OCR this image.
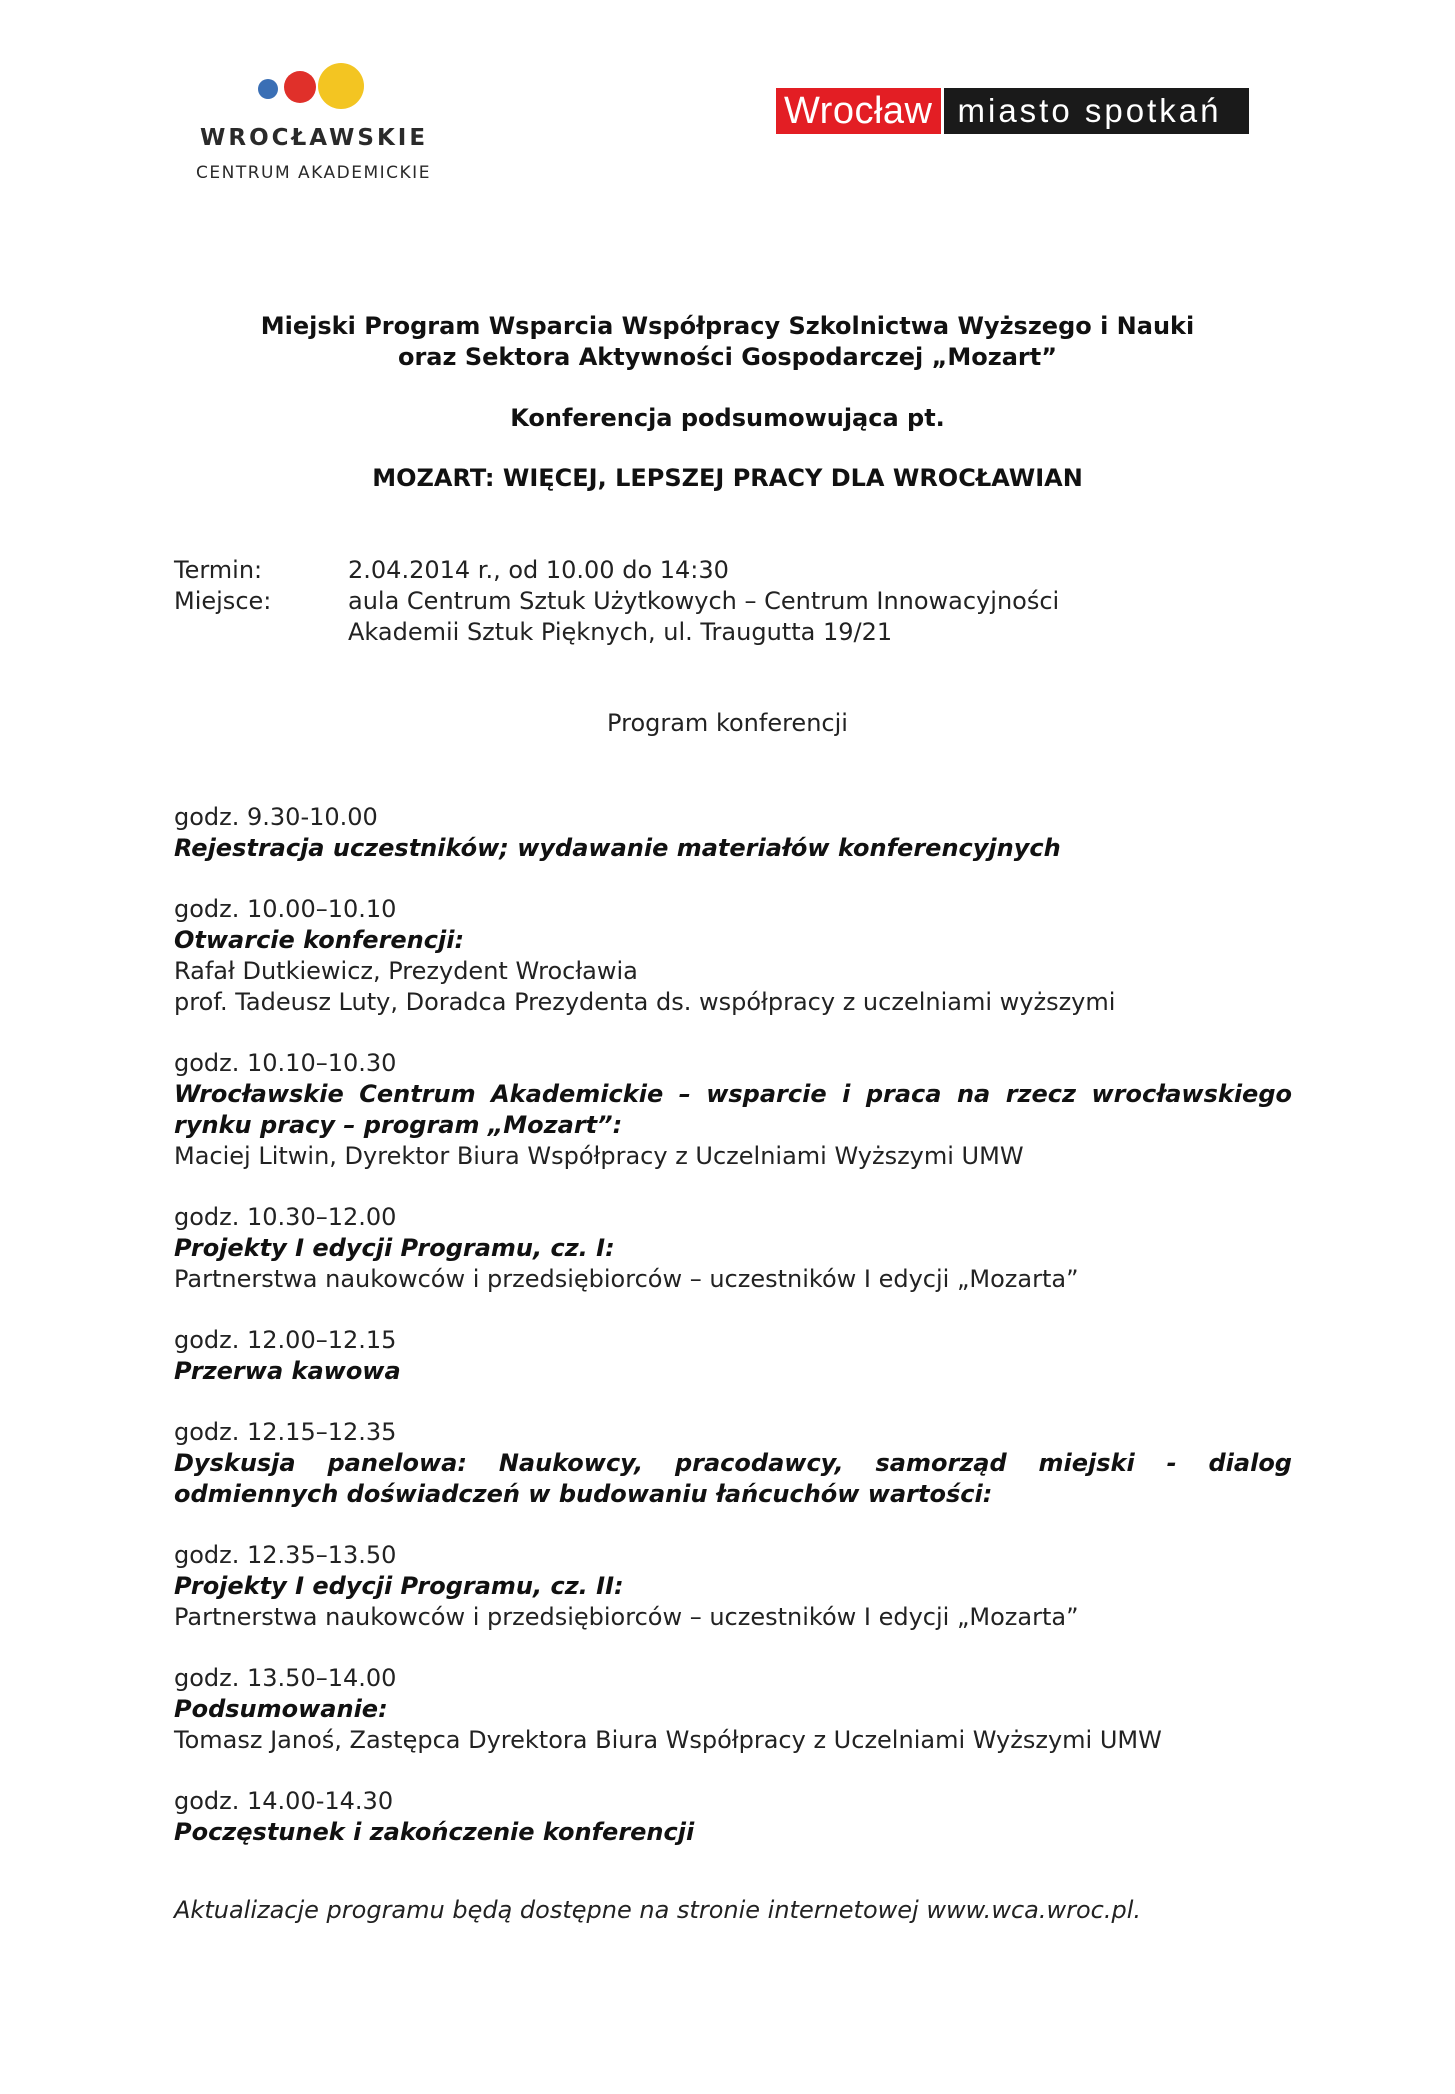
WROCŁAWSKIE
CENTRUM AKADEMICKIE
Wrocław miasto spotkań
Miejski Program Wsparcia Współpracy Szkolnictwa Wyższego i Nauki
oraz Sektora Aktywności Gospodarczej „Mozart”
Konferencja podsumowująca pt.
MOZART: WIĘCEJ, LEPSZEJ PRACY DLA WROCŁAWIAN
Termin:	2.04.2014 r., od 10.00 do 14:30
Miejsce:	aula Centrum Sztuk Użytkowych – Centrum Innowacyjności
Akademii Sztuk Pięknych, ul. Traugutta 19/21
Program konferencji
godz. 9.30-10.00
Rejestracja uczestników; wydawanie materiałów konferencyjnych
godz. 10.00–10.10
Otwarcie konferencji:
Rafał Dutkiewicz, Prezydent Wrocławia
prof. Tadeusz Luty, Doradca Prezydenta ds. współpracy z uczelniami wyższymi
godz. 10.10–10.30
Wrocławskie Centrum Akademickie – wsparcie i praca na rzecz wrocławskiego rynku pracy – program „Mozart”:
Maciej Litwin, Dyrektor Biura Współpracy z Uczelniami Wyższymi UMW
godz. 10.30–12.00
Projekty I edycji Programu, cz. I:
Partnerstwa naukowców i przedsiębiorców – uczestników I edycji „Mozarta”
godz. 12.00–12.15
Przerwa kawowa
godz. 12.15–12.35
Dyskusja panelowa: Naukowcy, pracodawcy, samorząd miejski - dialog odmiennych doświadczeń w budowaniu łańcuchów wartości:
godz. 12.35–13.50
Projekty I edycji Programu, cz. II:
Partnerstwa naukowców i przedsiębiorców – uczestników I edycji „Mozarta”
godz. 13.50–14.00
Podsumowanie:
Tomasz Janoś, Zastępca Dyrektora Biura Współpracy z Uczelniami Wyższymi UMW
godz. 14.00-14.30
Poczęstunek i zakończenie konferencji
Aktualizacje programu będą dostępne na stronie internetowej www.wca.wroc.pl.
